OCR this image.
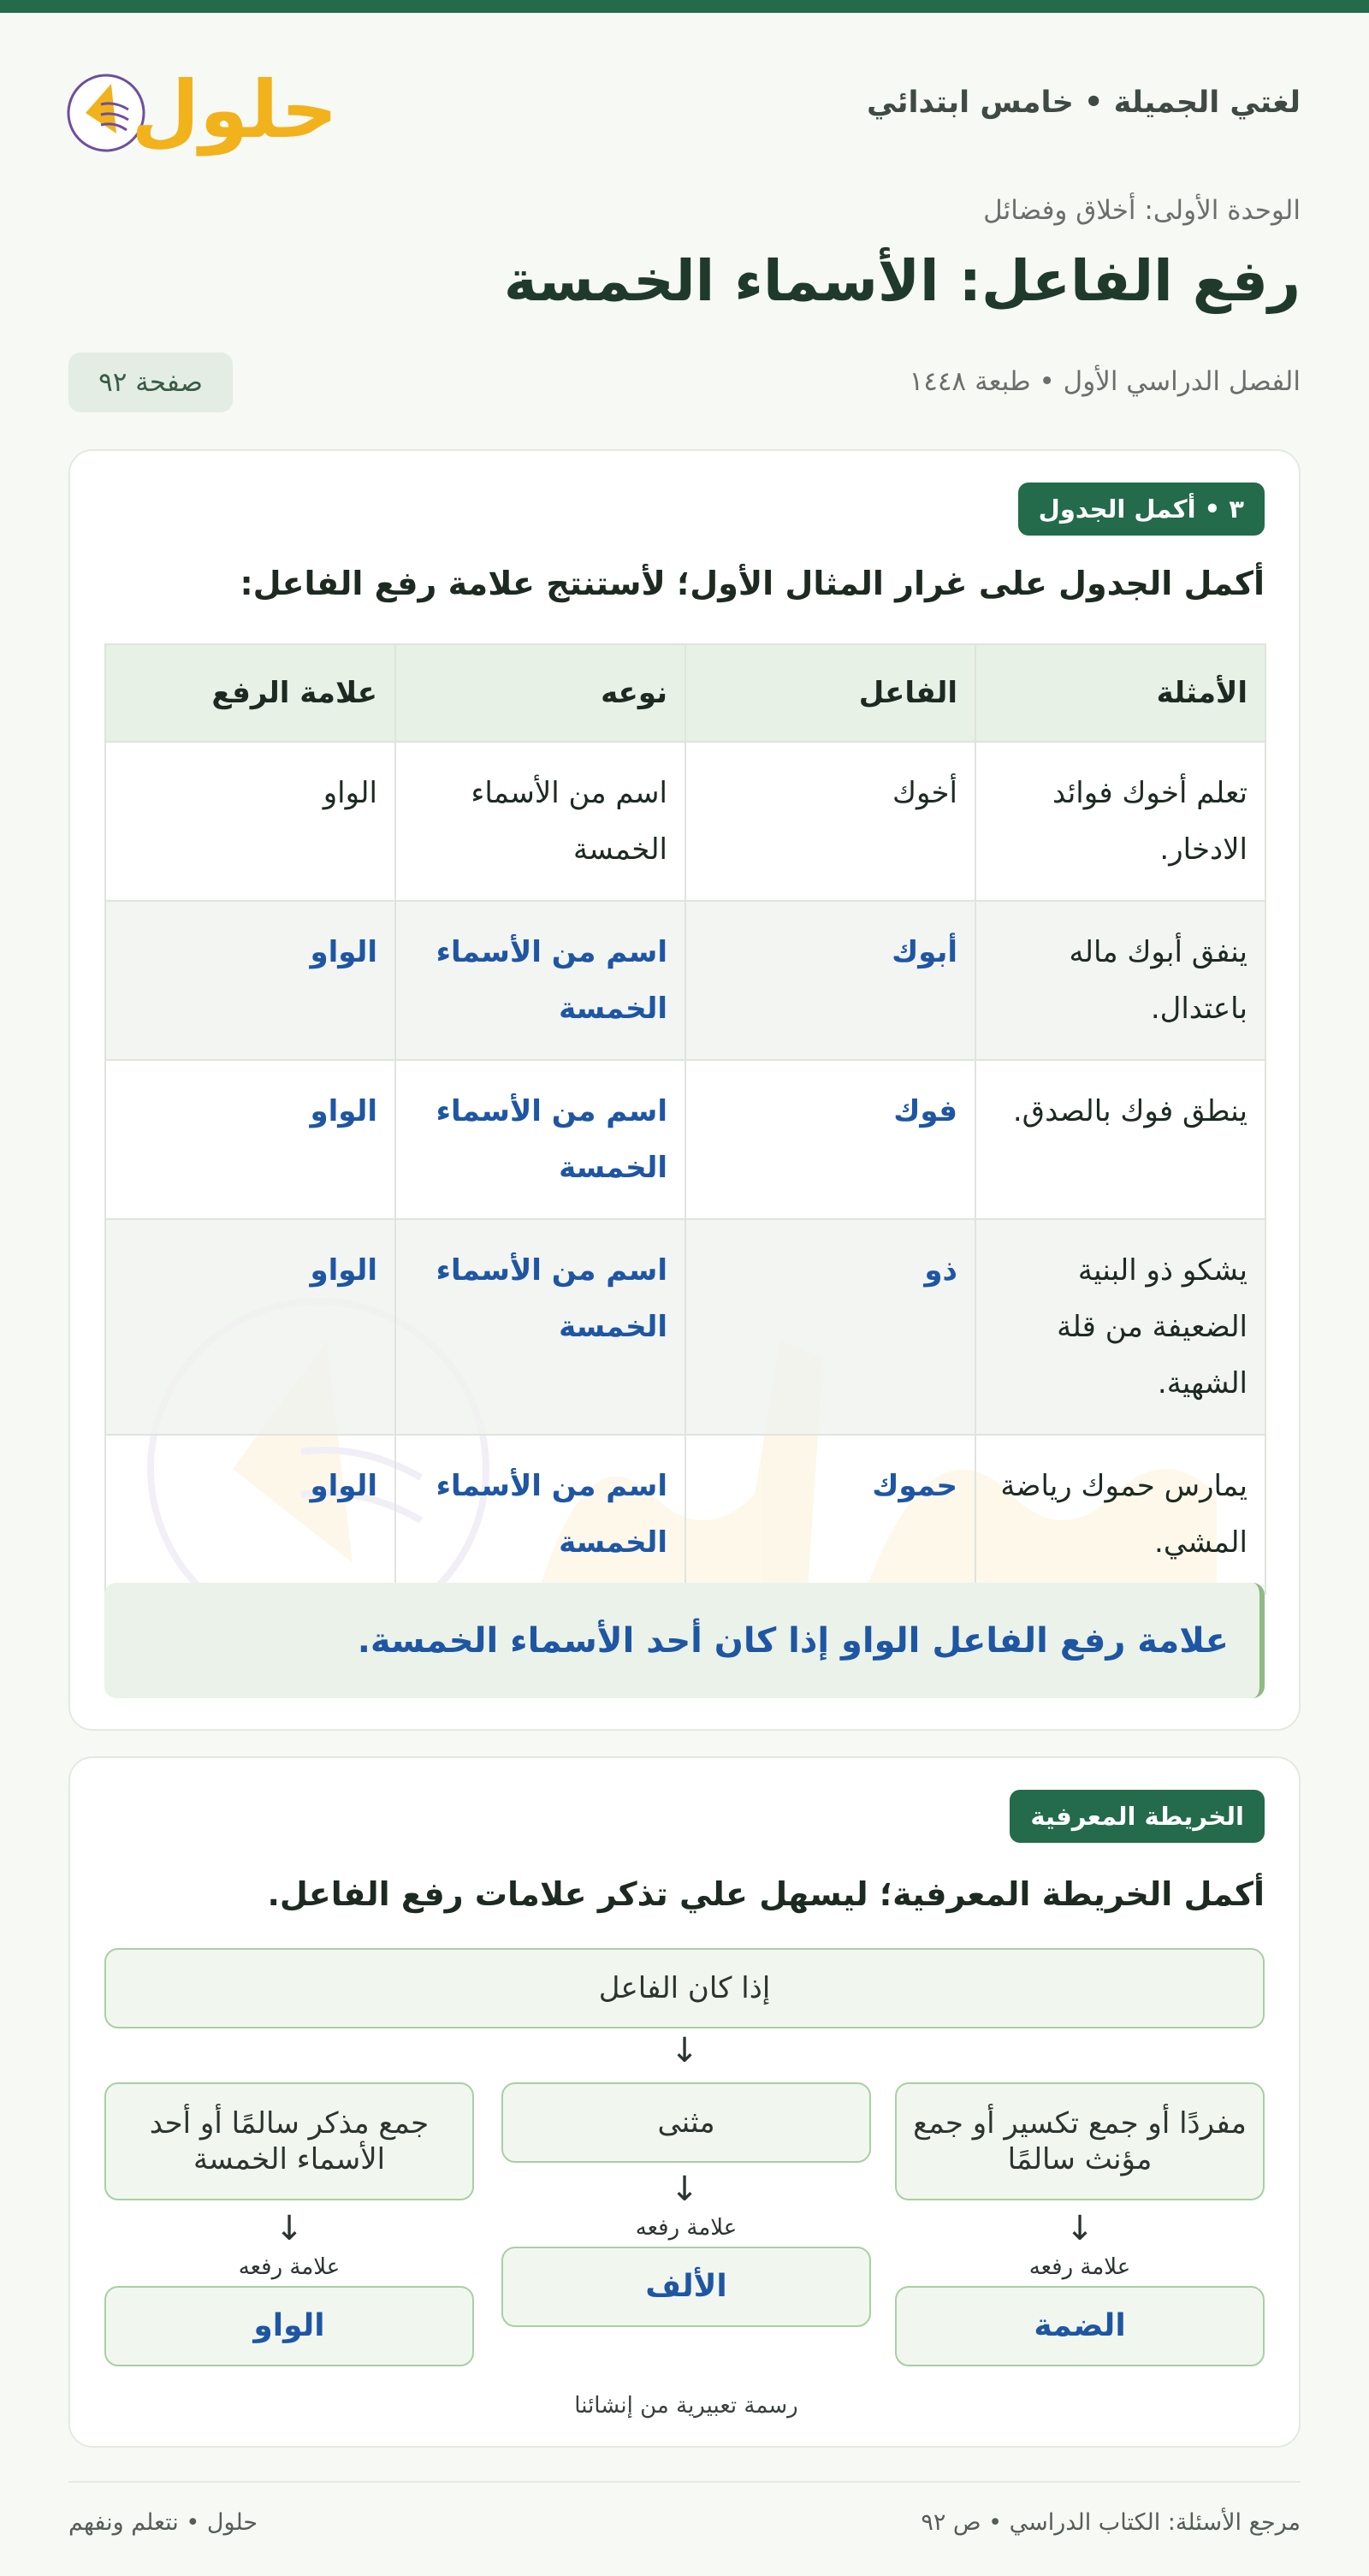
لغتي الجميلة • خامس ابتدائي
حلول
الوحدة الأولى: أخلاق وفضائل
رفع الفاعل: الأسماء الخمسة
الفصل الدراسي الأول • طبعة ١٤٤٨
صفحة ٩٢
٣ • أكمل الجدول
أكمل الجدول على غرار المثال الأول؛ لأستنتج علامة رفع الفاعل:
الأمثلة	الفاعل	نوعه	علامة الرفع
تعلم أخوك فوائد الادخار.	أخوك	اسم من الأسماء الخمسة	الواو
ينفق أبوك ماله باعتدال.	أبوك	اسم من الأسماء الخمسة	الواو
ينطق فوك بالصدق.	فوك	اسم من الأسماء الخمسة	الواو
يشكو ذو البنية الضعيفة من قلة الشهية.	ذو	اسم من الأسماء الخمسة	الواو
يمارس حموك رياضة المشي.	حموك	اسم من الأسماء الخمسة	الواو
علامة رفع الفاعل الواو إذا كان أحد الأسماء الخمسة.
الخريطة المعرفية
أكمل الخريطة المعرفية؛ ليسهل علي تذكر علامات رفع الفاعل.
إذا كان الفاعل
↓
مفردًا أو جمع تكسير أو جمع مؤنث سالمًا
↓
علامة رفعه
الضمة
مثنى
↓
علامة رفعه
الألف
جمع مذكر سالمًا أو أحد الأسماء الخمسة
↓
علامة رفعه
الواو
رسمة تعبيرية من إنشائنا
مرجع الأسئلة: الكتاب الدراسي • ص ٩٢
حلول • نتعلم ونفهم
